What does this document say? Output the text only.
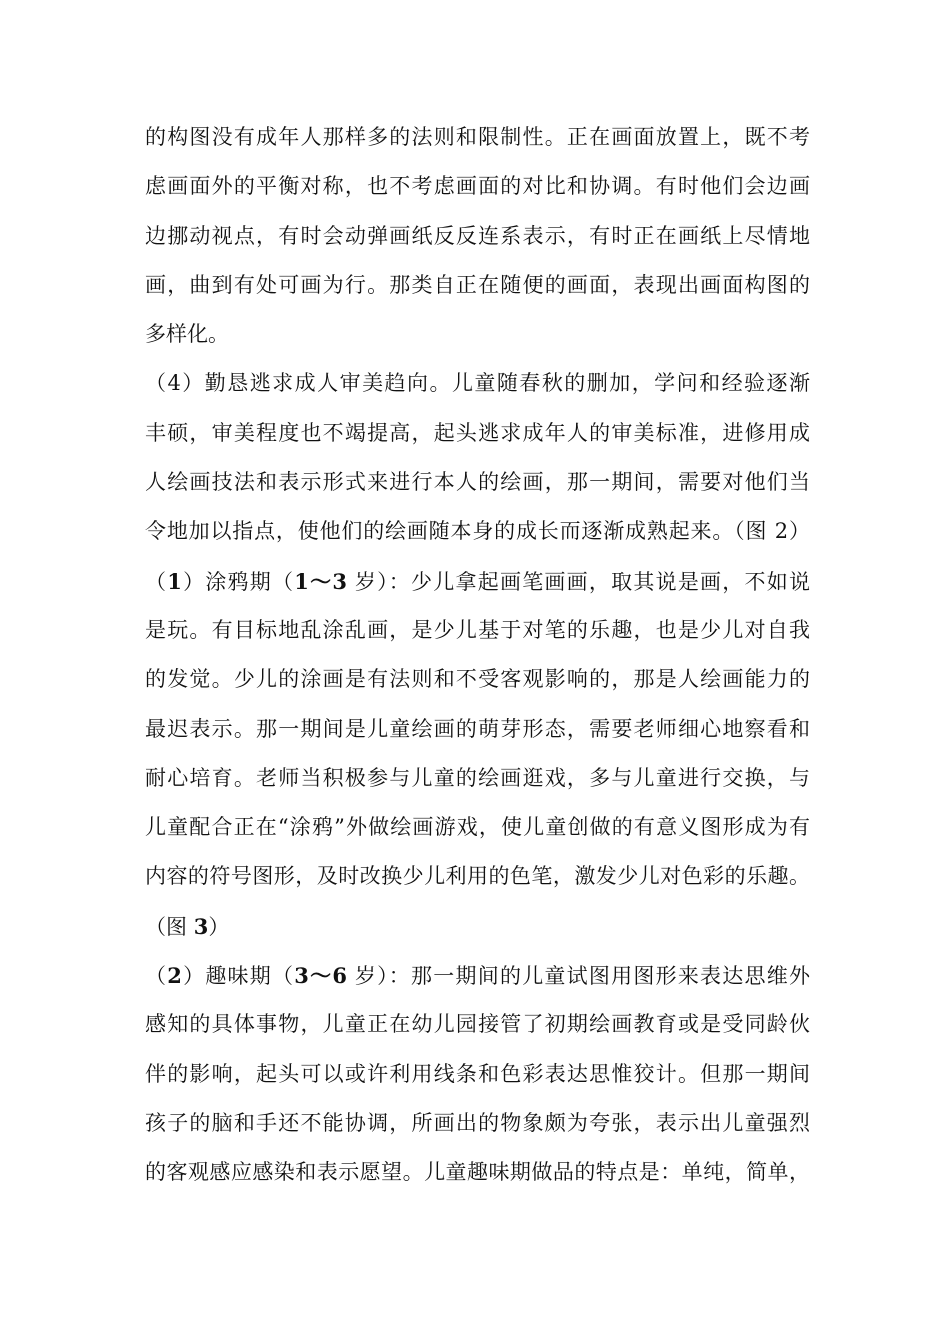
的构图没有成年人那样多的法则和限制性。正在画面放置上，既不考
虑画面外的平衡对称，也不考虑画面的对比和协调。有时他们会边画
边挪动视点，有时会动弹画纸反反连系表示，有时正在画纸上尽情地
画，曲到有处可画为行。那类自正在随便的画面，表现出画面构图的
多样化。
（4）勤恳逃求成人审美趋向。儿童随春秋的删加，学问和经验逐渐
丰硕，审美程度也不竭提高，起头逃求成年人的审美标准，进修用成
人绘画技法和表示形式来进行本人的绘画，那一期间，需要对他们当
令地加以指点，使他们的绘画随本身的成长而逐渐成熟起来。（图 2）
（1）涂鸦期（1～3 岁）：少儿拿起画笔画画，取其说是画，不如说
是玩。有目标地乱涂乱画，是少儿基于对笔的乐趣，也是少儿对自我
的发觉。少儿的涂画是有法则和不受客观影响的，那是人绘画能力的
最迟表示。那一期间是儿童绘画的萌芽形态，需要老师细心地察看和
耐心培育。老师当积极参与儿童的绘画逛戏，多与儿童进行交换，与
儿童配合正在“涂鸦”外做绘画游戏，使儿童创做的有意义图形成为有
内容的符号图形，及时改换少儿利用的色笔，激发少儿对色彩的乐趣。
（图 3）
（2）趣味期（3～6 岁）：那一期间的儿童试图用图形来表达思维外
感知的具体事物，儿童正在幼儿园接管了初期绘画教育或是受同龄伙
伴的影响，起头可以或许利用线条和色彩表达思惟狡计。但那一期间
孩子的脑和手还不能协调，所画出的物象颇为夸张，表示出儿童强烈
的客观感应感染和表示愿望。儿童趣味期做品的特点是：单纯，简单，
